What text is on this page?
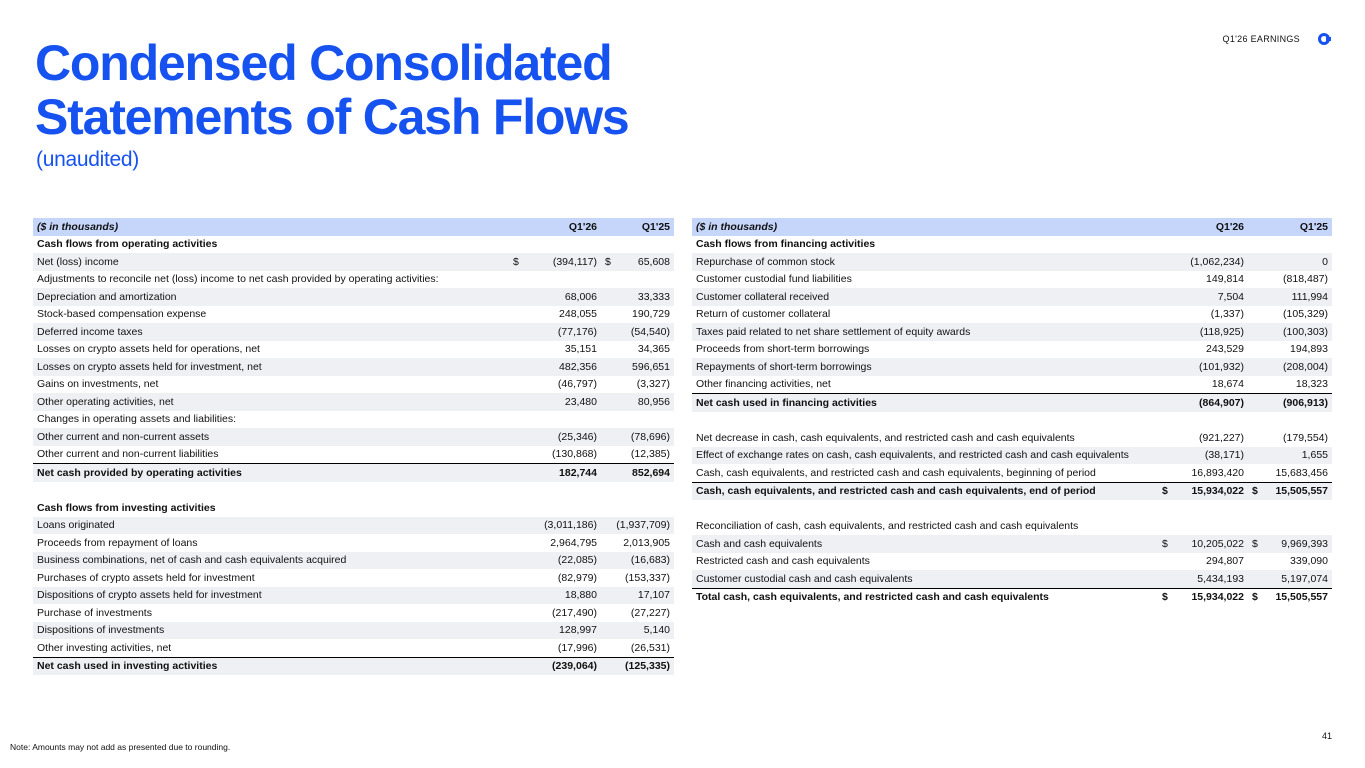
Condensed Consolidated
Statements of Cash Flows
(unaudited)
Q1'26 EARNINGS
($ in thousands)	Q1'26		Q1'25	
Cash flows from operating activities				
Net (loss) income	$	(394,117)	$	65,608
Adjustments to reconcile net (loss) income to net cash provided by operating activities:				
Depreciation and amortization		68,006		33,333
Stock-based compensation expense		248,055		190,729
Deferred income taxes		(77,176)		(54,540)
Losses on crypto assets held for operations, net		35,151		34,365
Losses on crypto assets held for investment, net		482,356		596,651
Gains on investments, net		(46,797)		(3,327)
Other operating activities, net		23,480		80,956
Changes in operating assets and liabilities:				
Other current and non-current assets		(25,346)		(78,696)
Other current and non-current liabilities		(130,868)		(12,385)
Net cash provided by operating activities		182,744		852,694

Cash flows from investing activities				
Loans originated		(3,011,186)		(1,937,709)
Proceeds from repayment of loans		2,964,795		2,013,905
Business combinations, net of cash and cash equivalents acquired		(22,085)		(16,683)
Purchases of crypto assets held for investment		(82,979)		(153,337)
Dispositions of crypto assets held for investment		18,880		17,107
Purchase of investments		(217,490)		(27,227)
Dispositions of investments		128,997		5,140
Other investing activities, net		(17,996)		(26,531)
Net cash used in investing activities		(239,064)		(125,335)
($ in thousands)	Q1'26		Q1'25	
Cash flows from financing activities				
Repurchase of common stock		(1,062,234)		0
Customer custodial fund liabilities		149,814		(818,487)
Customer collateral received		7,504		111,994
Return of customer collateral		(1,337)		(105,329)
Taxes paid related to net share settlement of equity awards		(118,925)		(100,303)
Proceeds from short-term borrowings		243,529		194,893
Repayments of short-term borrowings		(101,932)		(208,004)
Other financing activities, net		18,674		18,323
Net cash used in financing activities		(864,907)		(906,913)

Net decrease in cash, cash equivalents, and restricted cash and cash equivalents		(921,227)		(179,554)
Effect of exchange rates on cash, cash equivalents, and restricted cash and cash equivalents		(38,171)		1,655
Cash, cash equivalents, and restricted cash and cash equivalents, beginning of period		16,893,420		15,683,456
Cash, cash equivalents, and restricted cash and cash equivalents, end of period	$	15,934,022	$	15,505,557

Reconciliation of cash, cash equivalents, and restricted cash and cash equivalents				
Cash and cash equivalents	$	10,205,022	$	9,969,393
Restricted cash and cash equivalents		294,807		339,090
Customer custodial cash and cash equivalents		5,434,193		5,197,074
Total cash, cash equivalents, and restricted cash and cash equivalents	$	15,934,022	$	15,505,557
Note: Amounts may not add as presented due to rounding.
41
